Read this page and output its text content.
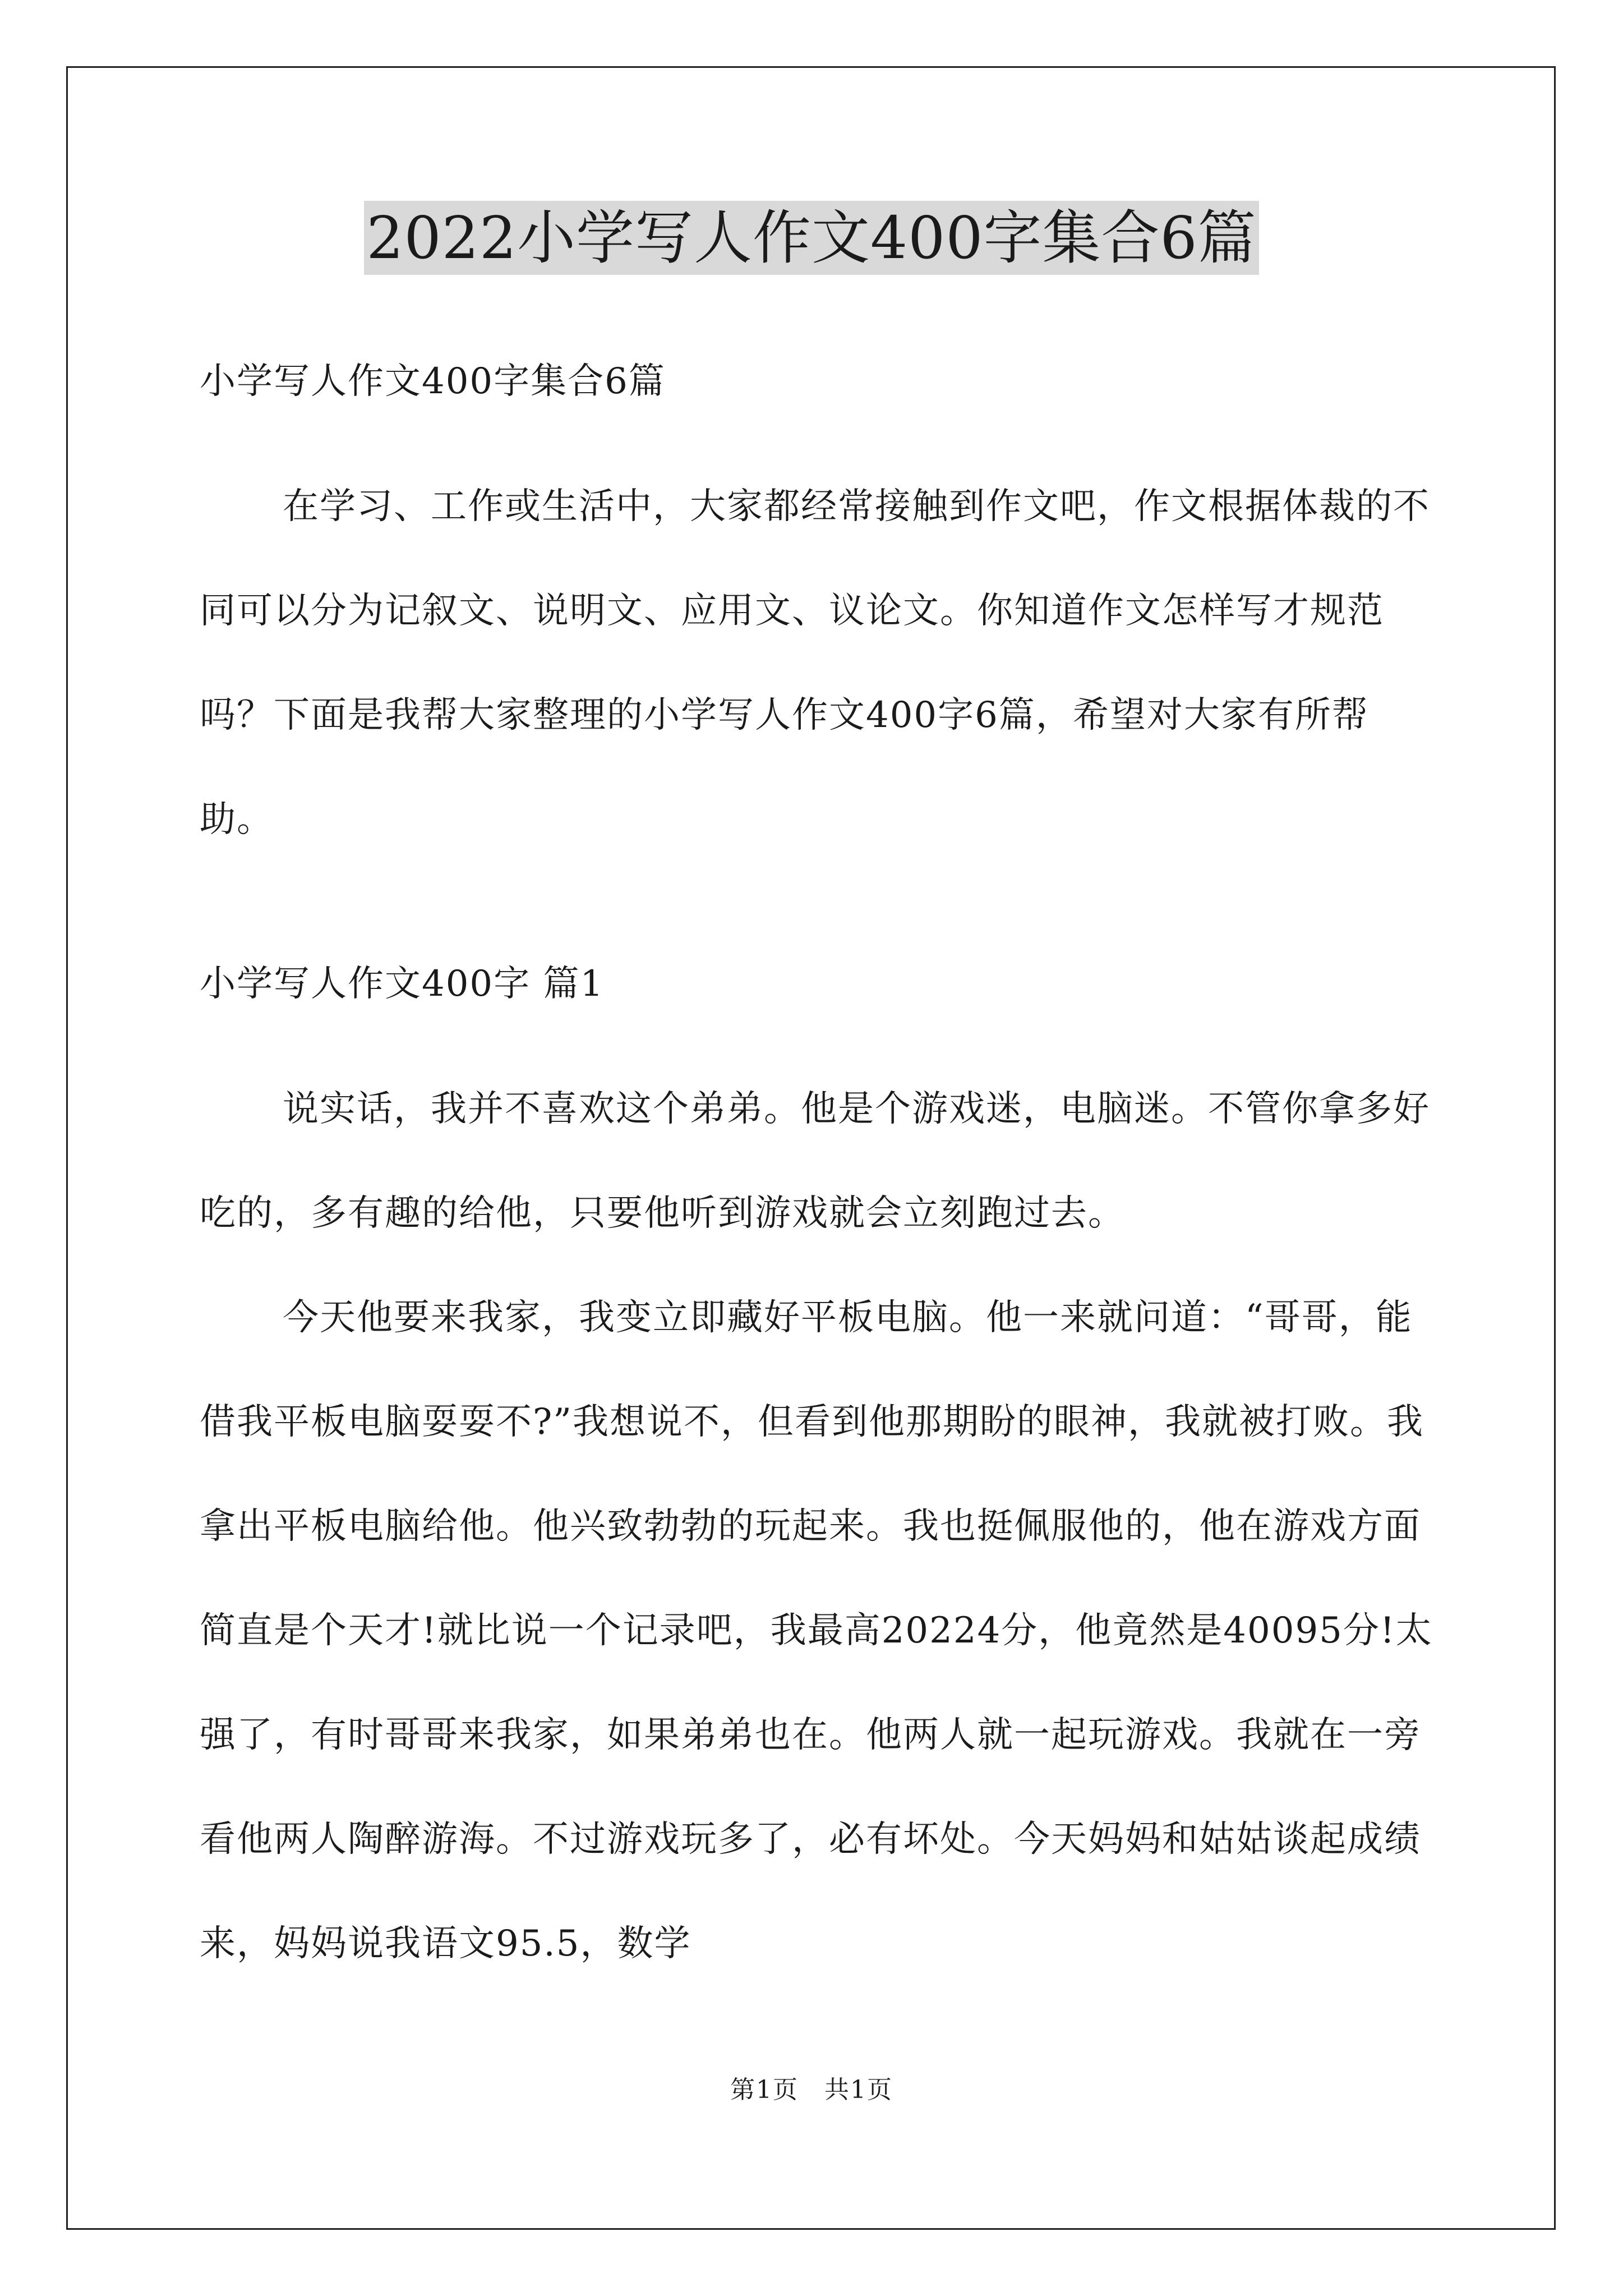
2022小学写人作文400字集合6篇

小学写人作文400字集合6篇

在学习、工作或生活中，大家都经常接触到作文吧，作文根据体裁的不同可以分为记叙文、说明文、应用文、议论文。你知道作文怎样写才规范吗？下面是我帮大家整理的小学写人作文400字6篇，希望对大家有所帮助。

小学写人作文400字 篇1

说实话，我并不喜欢这个弟弟。他是个游戏迷，电脑迷。不管你拿多好吃的，多有趣的给他，只要他听到游戏就会立刻跑过去。

今天他要来我家，我变立即藏好平板电脑。他一来就问道：“哥哥，能借我平板电脑耍耍不?”我想说不，但看到他那期盼的眼神，我就被打败。我拿出平板电脑给他。他兴致勃勃的玩起来。我也挺佩服他的，他在游戏方面简直是个天才!就比说一个记录吧，我最高20224分，他竟然是40095分!太强了，有时哥哥来我家，如果弟弟也在。他两人就一起玩游戏。我就在一旁看他两人陶醉游海。不过游戏玩多了，必有坏处。今天妈妈和姑姑谈起成绩来，妈妈说我语文95.5，数学

第1页　共1页
